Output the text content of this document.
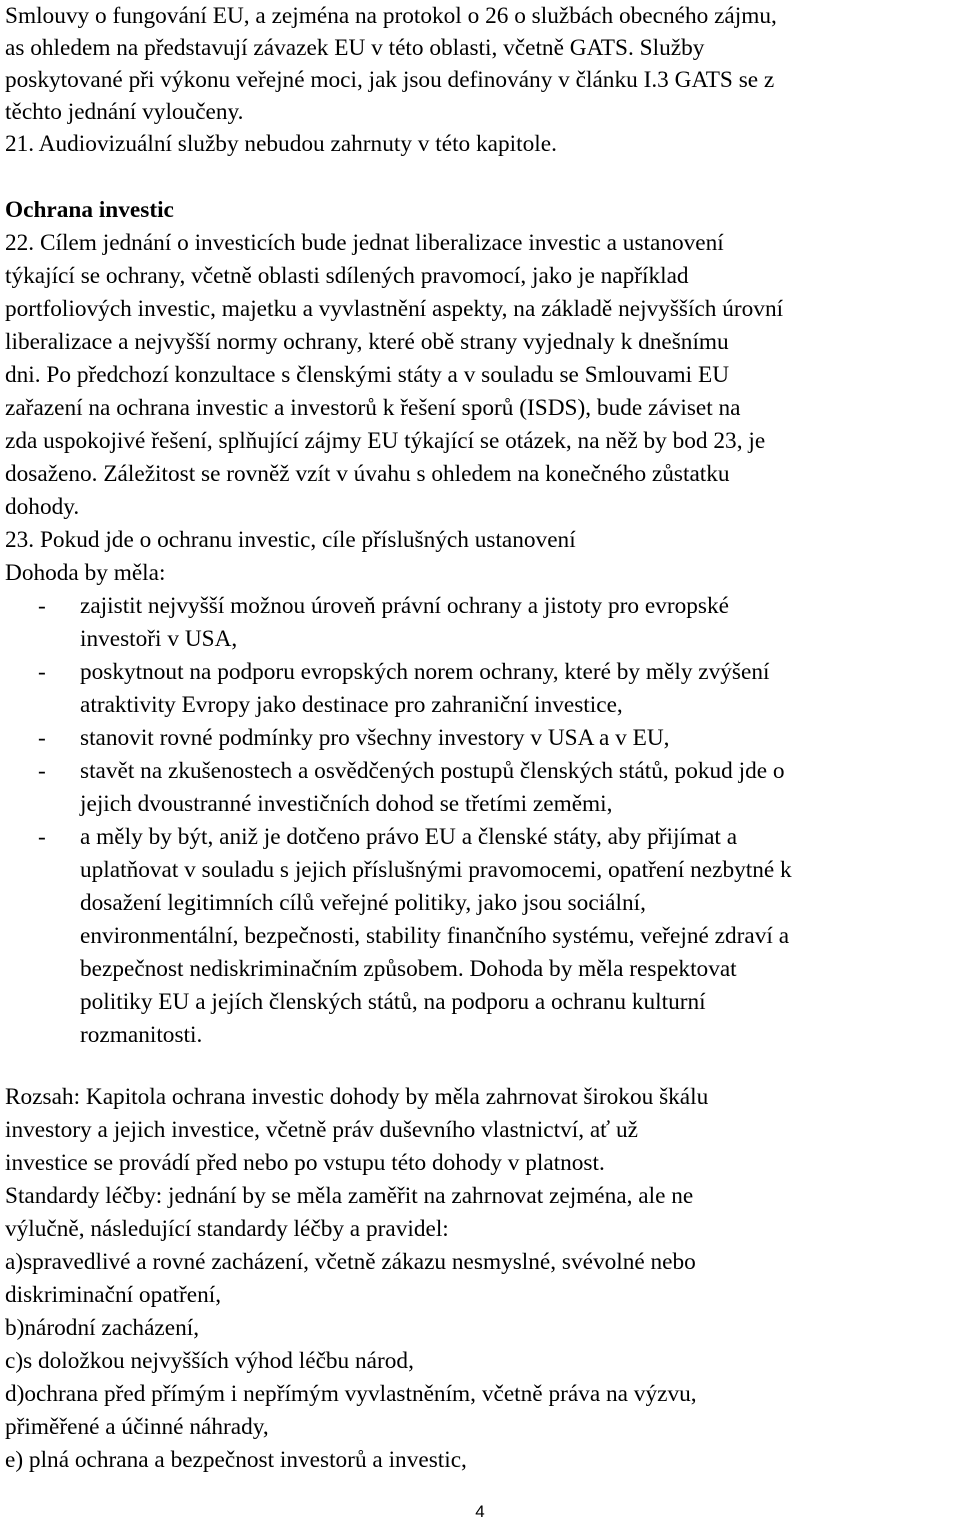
Smlouvy o fungování EU, a zejména na protokol o 26 o službách obecného zájmu,
as ohledem na představují závazek EU v této oblasti, včetně GATS. Služby
poskytované při výkonu veřejné moci, jak jsou definovány v článku I.3 GATS se z
těchto jednání vyloučeny.
21. Audiovizuální služby nebudou zahrnuty v této kapitole.
Ochrana investic
22. Cílem jednání o investicích bude jednat liberalizace investic a ustanovení
týkající se ochrany, včetně oblasti sdílených pravomocí, jako je například
portfoliových investic, majetku a vyvlastnění aspekty, na základě nejvyšších úrovní
liberalizace a nejvyšší normy ochrany, které obě strany vyjednaly k dnešnímu
dni. Po předchozí konzultace s členskými státy a v souladu se Smlouvami EU
zařazení na ochrana investic a investorů k řešení sporů (ISDS), bude záviset na
zda uspokojivé řešení, splňující zájmy EU týkající se otázek, na něž by bod 23, je
dosaženo. Záležitost se rovněž vzít v úvahu s ohledem na konečného zůstatku
dohody.
23. Pokud jde o ochranu investic, cíle příslušných ustanovení
Dohoda by měla:
- zajistit nejvyšší možnou úroveň právní ochrany a jistoty pro evropské
investoři v USA,
- poskytnout na podporu evropských norem ochrany, které by měly zvýšení
atraktivity Evropy jako destinace pro zahraniční investice,
- stanovit rovné podmínky pro všechny investory v USA a v EU,
- stavět na zkušenostech a osvědčených postupů členských států, pokud jde o
jejich dvoustranné investičních dohod se třetími zeměmi,
- a měly by být, aniž je dotčeno právo EU a členské státy, aby přijímat a
uplatňovat v souladu s jejich příslušnými pravomocemi, opatření nezbytné k
dosažení legitimních cílů veřejné politiky, jako jsou sociální,
environmentální, bezpečnosti, stability finančního systému, veřejné zdraví a
bezpečnost nediskriminačním způsobem. Dohoda by měla respektovat
politiky EU a jejích členských států, na podporu a ochranu kulturní
rozmanitosti.
Rozsah: Kapitola ochrana investic dohody by měla zahrnovat širokou škálu
investory a jejich investice, včetně práv duševního vlastnictví, ať už
investice se provádí před nebo po vstupu této dohody v platnost.
Standardy léčby: jednání by se měla zaměřit na zahrnovat zejména, ale ne
výlučně, následující standardy léčby a pravidel:
a)spravedlivé a rovné zacházení, včetně zákazu nesmyslné, svévolné nebo
diskriminační opatření,
b)národní zacházení,
c)s doložkou nejvyšších výhod léčbu národ,
d)ochrana před přímým i nepřímým vyvlastněním, včetně práva na výzvu,
přiměřené a účinné náhrady,
e) plná ochrana a bezpečnost investorů a investic,
4
